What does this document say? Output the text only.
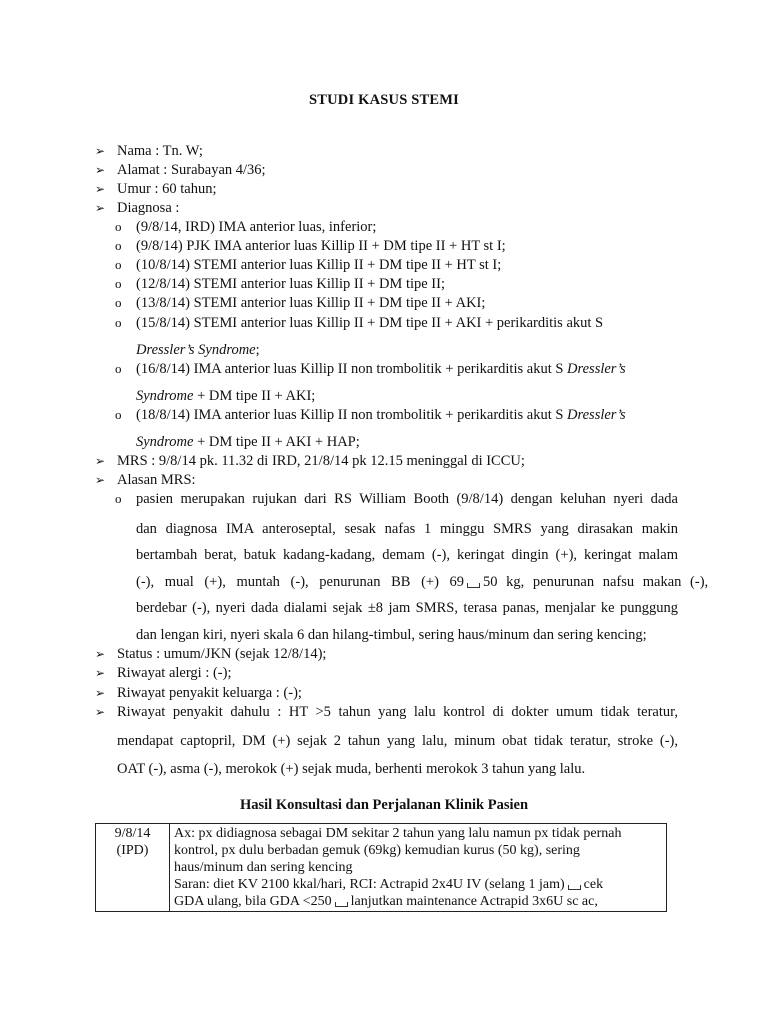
STUDI KASUS STEMI
➢ Nama : Tn. W;
➢ Alamat : Surabayan 4/36;
➢ Umur : 60 tahun;
➢ Diagnosa :
o	(9/8/14, IRD) IMA anterior luas, inferior;
o	(9/8/14) PJK IMA anterior luas Killip II + DM tipe II + HT st I;
o	(10/8/14) STEMI anterior luas Killip II + DM tipe II + HT st I;
o	(12/8/14) STEMI anterior luas Killip II + DM tipe II;
o	(13/8/14) STEMI anterior luas Killip II + DM tipe II + AKI;
o	(15/8/14) STEMI anterior luas Killip II + DM tipe II + AKI + perikarditis akut S
Dressler’s Syndrome;
o	(16/8/14) IMA anterior luas Killip II non trombolitik + perikarditis akut S Dressler’s
Syndrome + DM tipe II + AKI;
o	(18/8/14) IMA anterior luas Killip II non trombolitik + perikarditis akut S Dressler’s
Syndrome + DM tipe II + AKI + HAP;
➢ MRS : 9/8/14 pk. 11.32 di IRD, 21/8/14 pk 12.15 meninggal di ICCU;
➢ Alasan MRS:
o	pasien merupakan rujukan dari RS William Booth (9/8/14) dengan keluhan nyeri dada
dan diagnosa IMA anteroseptal, sesak nafas 1 minggu SMRS yang dirasakan makin
bertambah berat, batuk kadang-kadang, demam (-), keringat dingin (+), keringat malam
(-), mual (+), muntah (-), penurunan BB (+) 69 50 kg, penurunan nafsu makan (-),
berdebar (-), nyeri dada dialami sejak ±8 jam SMRS, terasa panas, menjalar ke punggung
dan lengan kiri, nyeri skala 6 dan hilang-timbul, sering haus/minum dan sering kencing;
➢ Status : umum/JKN (sejak 12/8/14);
➢ Riwayat alergi : (-);
➢ Riwayat penyakit keluarga : (-);
➢ Riwayat penyakit dahulu : HT >5 tahun yang lalu kontrol di dokter umum tidak teratur,
mendapat captopril, DM (+) sejak 2 tahun yang lalu, minum obat tidak teratur, stroke (-),
OAT (-), asma (-), merokok (+) sejak muda, berhenti merokok 3 tahun yang lalu.
Hasil Konsultasi dan Perjalanan Klinik Pasien
9/8/14
(IPD)

Ax: px didiagnosa sebagai DM sekitar 2 tahun yang lalu namun px tidak pernah
kontrol, px dulu berbadan gemuk (69kg) kemudian kurus (50 kg), sering
haus/minum dan sering kencing
Saran: diet KV 2100 kkal/hari, RCI: Actrapid 2x4U IV (selang 1 jam) cek
GDA ulang, bila GDA <250 lanjutkan maintenance Actrapid 3x6U sc ac,
